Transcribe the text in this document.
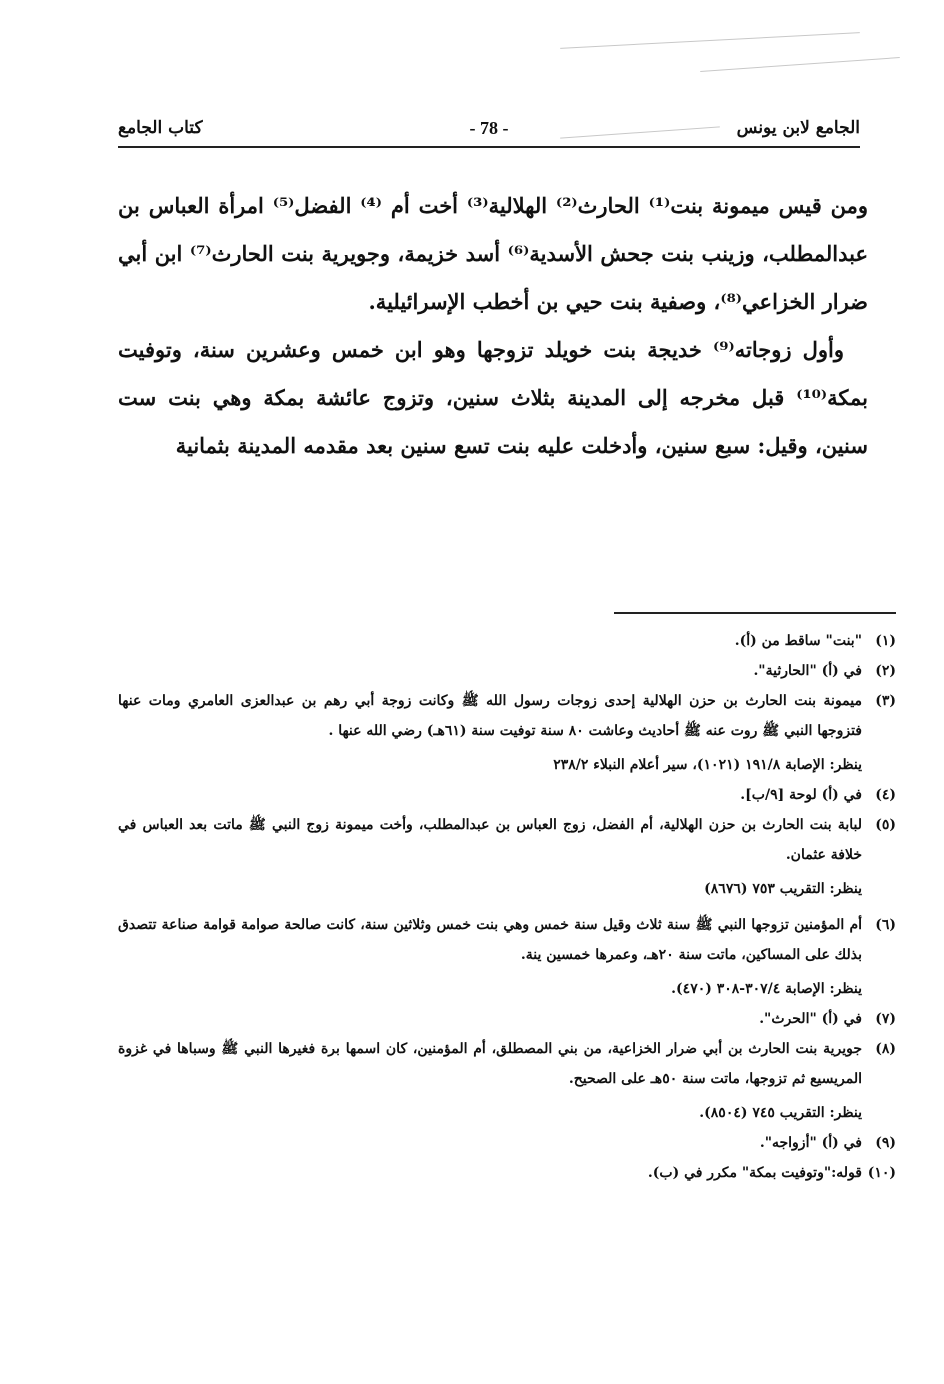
الجامع لابن يونس
- 78 -
كتاب الجامع

ومن قيس ميمونة بنت⁽¹⁾ الحارث⁽²⁾ الهلالية⁽³⁾ أخت أم ⁽⁴⁾ الفضل⁽⁵⁾ امرأة العباس بن عبدالمطلب، وزينب بنت جحش الأسدية⁽⁶⁾ أسد خزيمة، وجويرية بنت الحارث⁽⁷⁾ ابن أبي ضرار الخزاعي⁽⁸⁾، وصفية بنت حيي بن أخطب الإسرائيلية.

وأول زوجاته⁽⁹⁾ خديجة بنت خويلد تزوجها وهو ابن خمس وعشرين سنة، وتوفيت بمكة⁽¹⁰⁾ قبل مخرجه إلى المدينة بثلاث سنين، وتزوج عائشة بمكة وهي بنت ست سنين، وقيل: سبع سنين، وأدخلت عليه بنت تسع سنين بعد مقدمه المدينة بثمانية

(١)
"بنت" ساقط من (أ).
(٢)
في (أ) "الحارثية".
(٣)
ميمونة بنت الحارث بن حزن الهلالية إحدى زوجات رسول الله ﷺ وكانت زوجة أبي رهم بن عبدالعزى العامري ومات عنها فتزوجها النبي ﷺ روت عنه ﷺ أحاديث وعاشت ٨٠ سنة توفيت سنة (٦١هـ) رضي الله عنها .
ينظر: الإصابة ١٩١/٨ (١٠٢١)، سير أعلام النبلاء ٢٣٨/٢
(٤)
في (أ) لوحة [٩/ب].
(٥)
لبابة بنت الحارث بن حزن الهلالية، أم الفضل، زوج العباس بن عبدالمطلب، وأخت ميمونة زوج النبي ﷺ ماتت بعد العباس في خلافة عثمان.
ينظر: التقريب ٧٥٣ (٨٦٧٦)
(٦)
أم المؤمنين تزوجها النبي ﷺ سنة ثلاث وقيل سنة خمس وهي بنت خمس وثلاثين سنة، كانت صالحة صوامة قوامة صناعة تتصدق بذلك على المساكين، ماتت سنة ٢٠هـ، وعمرها خمسين ينة.
ينظر: الإصابة ٣٠٧/٤-٣٠٨ (٤٧٠).
(٧)
في (أ) "الحرث".
(٨)
جويرية بنت الحارث بن أبي ضرار الخزاعية، من بني المصطلق، أم المؤمنين، كان اسمها برة فغيرها النبي ﷺ وسباها في غزوة المريسيع ثم تزوجها، ماتت سنة ٥٠هـ على الصحيح.
ينظر: التقريب ٧٤٥ (٨٥٠٤).
(٩)
في (أ) "أزواجه".
(١٠)
قوله:"وتوفيت بمكة" مكرر في (ب).
